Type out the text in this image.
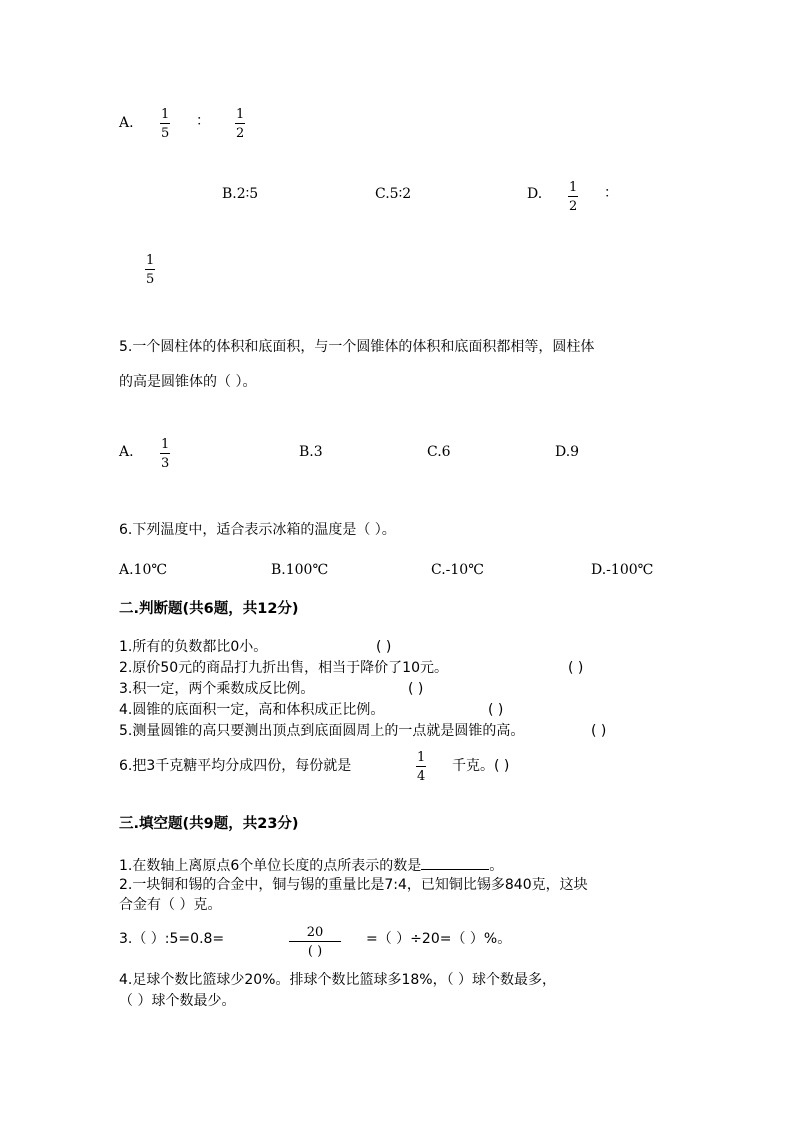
A.
1
5
： 1
2
B.2∶5	C.5∶2	D. 1
2
：
1
5
5.一个圆柱体的体积和底面积，与一个圆锥体的体积和底面积都相等，圆柱体
的高是圆锥体的（ ）。
A. 1
3
B.3	C.6	D.9
6.下列温度中，适合表示冰箱的温度是（ ）。
A.10℃	B.100℃	C.-10℃	D.-100℃
二.判断题(共6题，共12分)
1.所有的负数都比0小。	( )
2.原价50元的商品打九折出售，相当于降价了10元。	( )
3.积一定，两个乘数成反比例。	( )
4.圆锥的底面积一定，高和体积成正比例。	( )
5.测量圆锥的高只要测出顶点到底面圆周上的一点就是圆锥的高。	( )
6.把3千克糖平均分成四份，每份就是
1
4
千克。( )
三.填空题(共9题，共23分)
1.在数轴上离原点6个单位长度的点所表示的数是	。
2.一块铜和锡的合金中，铜与锡的重量比是7:4，已知铜比锡多840克，这块
合金有（ ）克。
3.（ ）:5=0.8=	20
( )
=（ ）÷20=（ ）%。
4.足球个数比篮球少20%。排球个数比篮球多18%，（ ）球个数最多，
（ ）球个数最少。
